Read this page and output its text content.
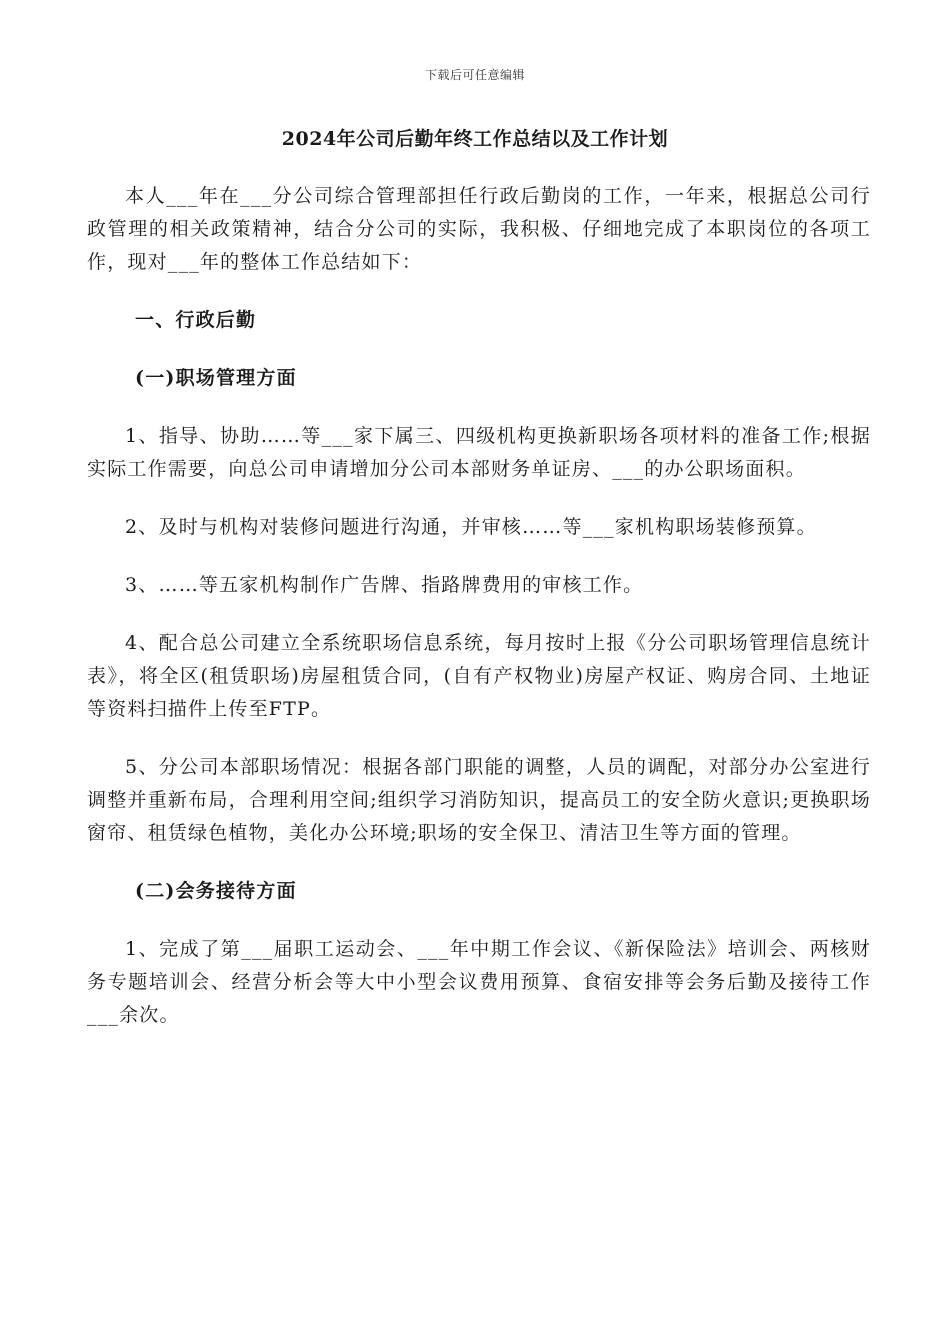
下载后可任意编辑
2024年公司后勤年终工作总结以及工作计划

本人___年在___分公司综合管理部担任行政后勤岗的工作，一年来，根据总公司行政管理的相关政策精神，结合分公司的实际，我积极、仔细地完成了本职岗位的各项工作，现对___年的整体工作总结如下：

一、行政后勤

(一)职场管理方面

1、指导、协助……等___家下属三、四级机构更换新职场各项材料的准备工作;根据实际工作需要，向总公司申请增加分公司本部财务单证房、___的办公职场面积。

2、及时与机构对装修问题进行沟通，并审核……等___家机构职场装修预算。

3、……等五家机构制作广告牌、指路牌费用的审核工作。

4、配合总公司建立全系统职场信息系统，每月按时上报《分公司职场管理信息统计表》，将全区(租赁职场)房屋租赁合同，(自有产权物业)房屋产权证、购房合同、土地证等资料扫描件上传至FTP。

5、分公司本部职场情况：根据各部门职能的调整，人员的调配，对部分办公室进行调整并重新布局，合理利用空间;组织学习消防知识，提高员工的安全防火意识;更换职场窗帘、租赁绿色植物，美化办公环境;职场的安全保卫、清洁卫生等方面的管理。

(二)会务接待方面

1、完成了第___届职工运动会、___年中期工作会议、《新保险法》培训会、两核财务专题培训会、经营分析会等大中小型会议费用预算、食宿安排等会务后勤及接待工作___余次。
